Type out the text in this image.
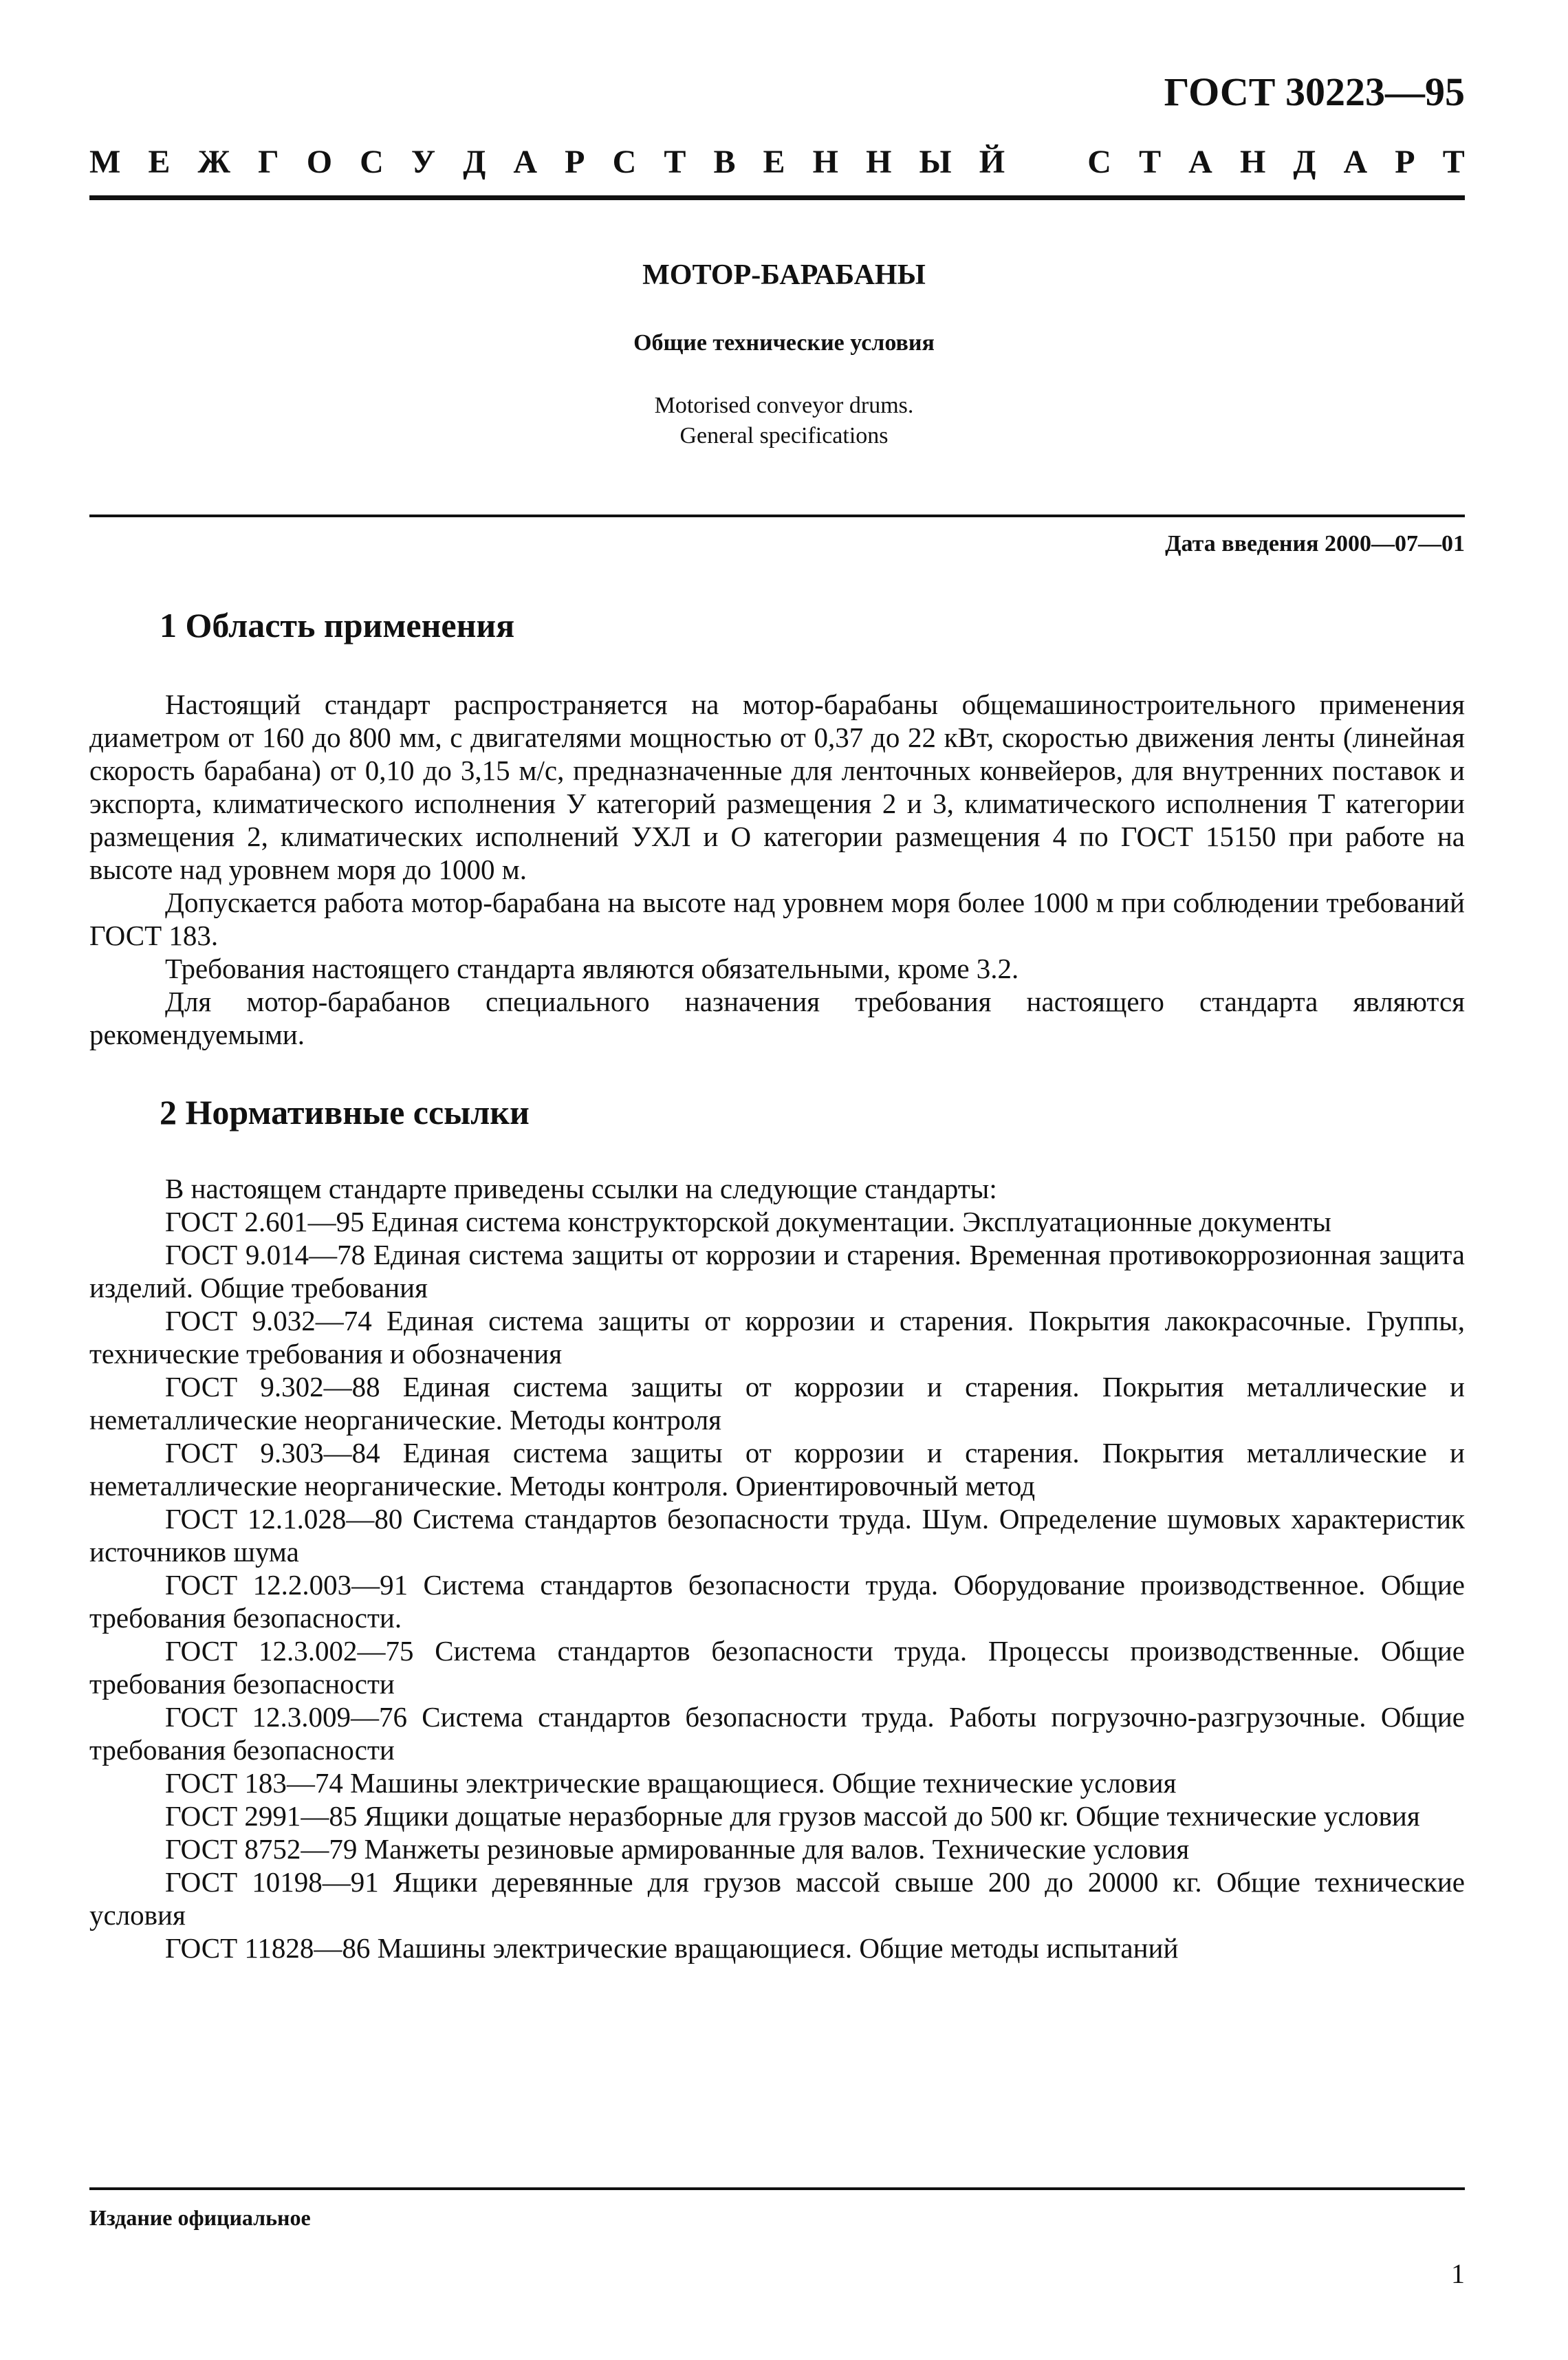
ГОСТ 30223—95
М Е Ж Г О С У Д А Р С Т В Е Н Н Ы Й	С Т А Н Д А Р Т
МОТОР-БАРАБАНЫ
Общие технические условия
Motorised conveyor drums.
General specifications
Дата введения 2000—07—01
1 Область применения

Настоящий стандарт распространяется на мотор-барабаны общемашиностроительного применения диаметром от 160 до 800 мм, с двигателями мощностью от 0,37 до 22 кВт, скоростью движения ленты (линейная скорость барабана) от 0,10 до 3,15 м/с, предназначенные для ленточных конвейеров, для внутренних поставок и экспорта, климатического исполнения У категорий размещения 2 и 3, климатического исполнения Т категории размещения 2, климатических исполнений УХЛ и О категории размещения 4 по ГОСТ 15150 при работе на высоте над уровнем моря до 1000 м.

Допускается работа мотор-барабана на высоте над уровнем моря более 1000 м при соблюдении требований ГОСТ 183.

Требования настоящего стандарта являются обязательными, кроме 3.2.

Для мотор-барабанов специального назначения требования настоящего стандарта являются рекомендуемыми.

2 Нормативные ссылки

В настоящем стандарте приведены ссылки на следующие стандарты:

ГОСТ 2.601—95 Единая система конструкторской документации. Эксплуатационные документы
ГОСТ 9.014—78 Единая система защиты от коррозии и старения. Временная противокоррозионная защита изделий. Общие требования
ГОСТ 9.032—74 Единая система защиты от коррозии и старения. Покрытия лакокрасочные. Группы, технические требования и обозначения
ГОСТ 9.302—88 Единая система защиты от коррозии и старения. Покрытия металлические и неметаллические неорганические. Методы контроля
ГОСТ 9.303—84 Единая система защиты от коррозии и старения. Покрытия металлические и неметаллические неорганические. Методы контроля. Ориентировочный метод
ГОСТ 12.1.028—80 Система стандартов безопасности труда. Шум. Определение шумовых характеристик источников шума
ГОСТ 12.2.003—91 Система стандартов безопасности труда. Оборудование производственное. Общие требования безопасности.
ГОСТ 12.3.002—75 Система стандартов безопасности труда. Процессы производственные. Общие требования безопасности
ГОСТ 12.3.009—76 Система стандартов безопасности труда. Работы погрузочно-разгрузочные. Общие требования безопасности
ГОСТ 183—74 Машины электрические вращающиеся. Общие технические условия
ГОСТ 2991—85 Ящики дощатые неразборные для грузов массой до 500 кг. Общие технические условия
ГОСТ 8752—79 Манжеты резиновые армированные для валов. Технические условия
ГОСТ 10198—91 Ящики деревянные для грузов массой свыше 200 до 20000 кг. Общие технические условия
ГОСТ 11828—86 Машины электрические вращающиеся. Общие методы испытаний
Издание официальное
1
